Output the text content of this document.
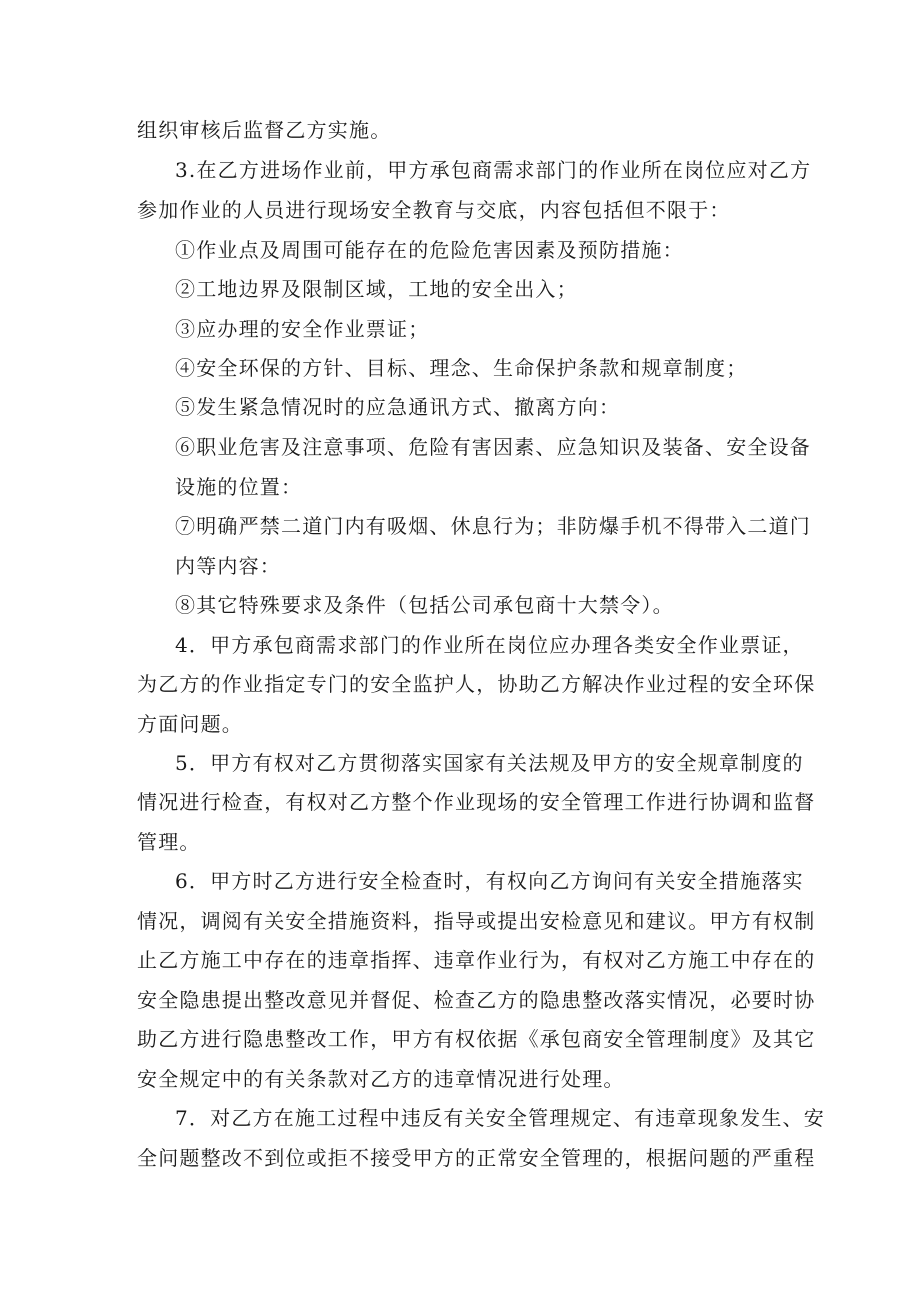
组织审核后监督乙方实施。
3.在乙方进场作业前，甲方承包商需求部门的作业所在岗位应对乙方
参加作业的人员进行现场安全教育与交底，内容包括但不限于：
①作业点及周围可能存在的危险危害因素及预防措施：
②工地边界及限制区域，工地的安全出入；
③应办理的安全作业票证；
④安全环保的方针、目标、理念、生命保护条款和规章制度；
⑤发生紧急情况时的应急通讯方式、撤离方向：
⑥职业危害及注意事项、危险有害因素、应急知识及装备、安全设备
设施的位置：
⑦明确严禁二道门内有吸烟、休息行为；非防爆手机不得带入二道门
内等内容：
⑧其它特殊要求及条件（包括公司承包商十大禁令）。
4．甲方承包商需求部门的作业所在岗位应办理各类安全作业票证，
为乙方的作业指定专门的安全监护人，协助乙方解决作业过程的安全环保
方面问题。
5．甲方有权对乙方贯彻落实国家有关法规及甲方的安全规章制度的
情况进行检查，有权对乙方整个作业现场的安全管理工作进行协调和监督
管理。
6．甲方时乙方进行安全检查时，有权向乙方询问有关安全措施落实
情况，调阅有关安全措施资料，指导或提出安检意见和建议。甲方有权制
止乙方施工中存在的违章指挥、违章作业行为，有权对乙方施工中存在的
安全隐患提出整改意见并督促、检查乙方的隐患整改落实情况，必要时协
助乙方进行隐患整改工作，甲方有权依据《承包商安全管理制度》及其它
安全规定中的有关条款对乙方的违章情况进行处理。
7．对乙方在施工过程中违反有关安全管理规定、有违章现象发生、安
全问题整改不到位或拒不接受甲方的正常安全管理的，根据问题的严重程
